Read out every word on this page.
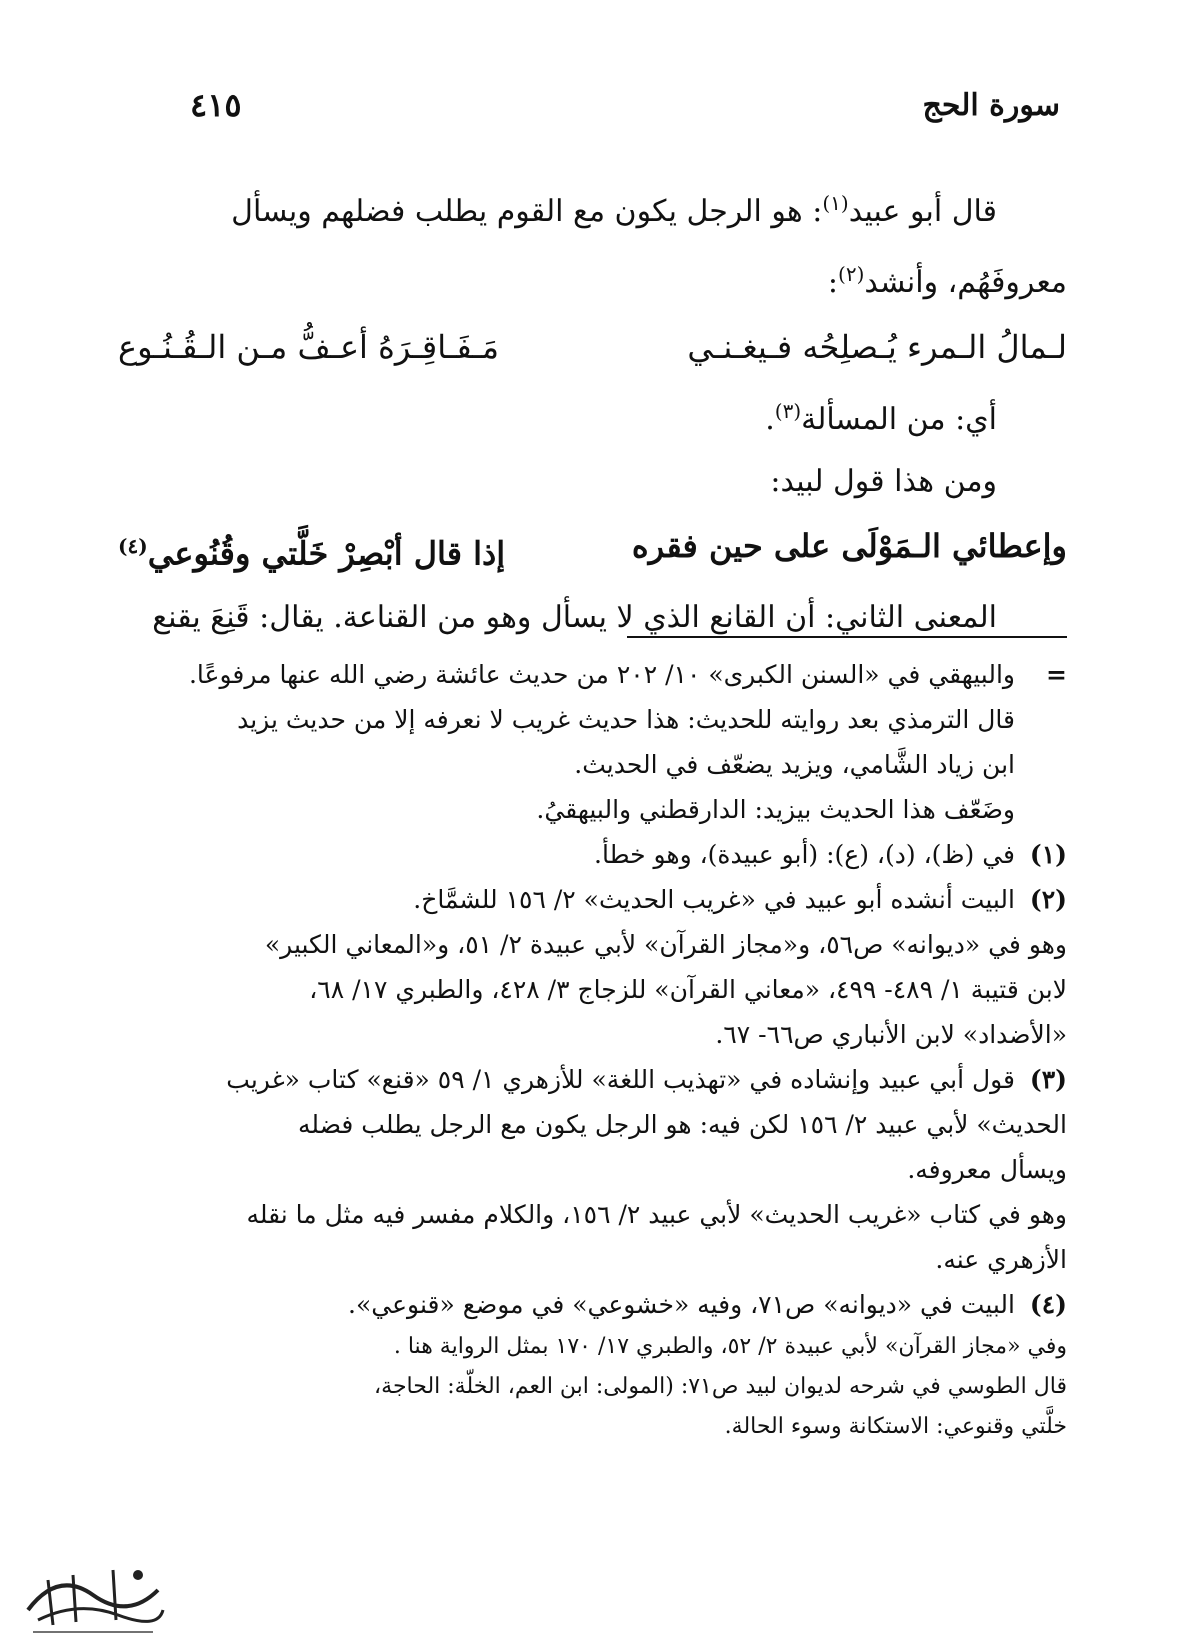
سورة الحج
٤١٥
قال أبو عبيد$^{(١)}$: هو الرجل يكون مع القوم يطلب فضلهم ويسأل
معروفَهُم، وأنشد$^{(٢)}$:
لـمالُ الـمرء يُـصلِحُه فـيغـنـي
مَـفَـاقِـرَهُ أعـفُّ مـن الـقُـنُـوع
أي: من المسألة$^{(٣)}$.
ومن هذا قول لبيد:
وإعطائي الـمَوْلَى على حين فقره
إذا قال أبْصِرْ خَلَّتي وقُنُوعي$^{(٤)}$
المعنى الثاني: أن القانع الذي لا يسأل وهو من القناعة. يقال: قَنِعَ يقنع
=
والبيهقي في «السنن الكبرى» ١٠/ ٢٠٢ من حديث عائشة رضي الله عنها مرفوعًا.
قال الترمذي بعد روايته للحديث: هذا حديث غريب لا نعرفه إلا من حديث يزيد
ابن زياد الشَّامي، ويزيد يضعّف في الحديث.
وضَعّف هذا الحديث بيزيد: الدارقطني والبيهقيُ.
(١)
في (ظ)، (د)، (ع): (أبو عبيدة)، وهو خطأ.
(٢)
البيت أنشده أبو عبيد في «غريب الحديث» ٢/ ١٥٦ للشمَّاخ.
وهو في «ديوانه» ص٥٦، و«مجاز القرآن» لأبي عبيدة ٢/ ٥١، و«المعاني الكبير»
لابن قتيبة ١/ ٤٨٩- ٤٩٩، «معاني القرآن» للزجاج ٣/ ٤٢٨، والطبري ١٧/ ٦٨،
«الأضداد» لابن الأنباري ص٦٦- ٦٧.
(٣)
قول أبي عبيد وإنشاده في «تهذيب اللغة» للأزهري ١/ ٥٩ «قنع» كتاب «غريب
الحديث» لأبي عبيد ٢/ ١٥٦ لكن فيه: هو الرجل يكون مع الرجل يطلب فضله
ويسأل معروفه.
وهو في كتاب «غريب الحديث» لأبي عبيد ٢/ ١٥٦، والكلام مفسر فيه مثل ما نقله
الأزهري عنه.
(٤)
البيت في «ديوانه» ص٧١، وفيه «خشوعي» في موضع «قنوعي».
وفي «مجاز القرآن» لأبي عبيدة ٢/ ٥٢، والطبري ١٧/ ١٧٠ بمثل الرواية هنا .
قال الطوسي في شرحه لديوان لبيد ص٧١: (المولى: ابن العم، الخلّة: الحاجة،
خلَّتي وقنوعي: الاستكانة وسوء الحالة.
